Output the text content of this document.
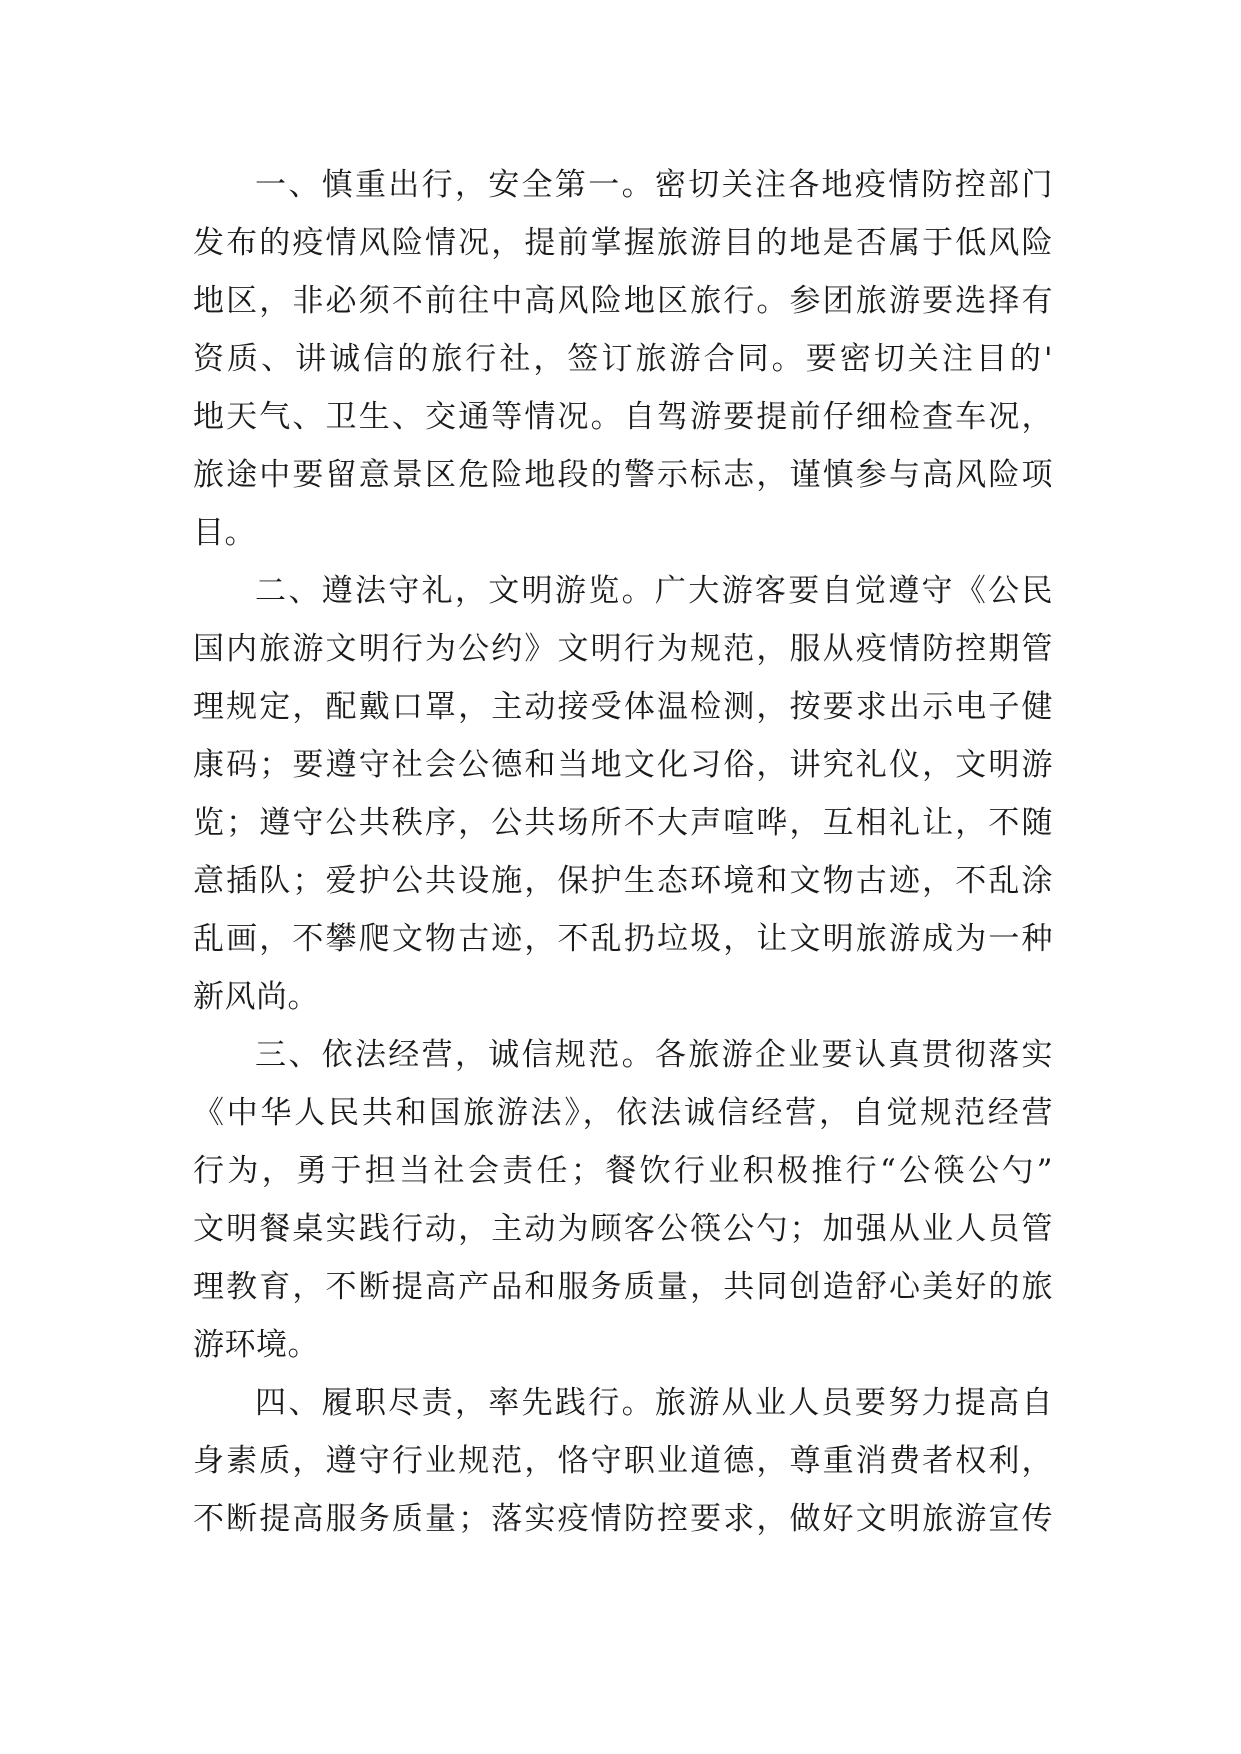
一、慎重出行，安全第一。密切关注各地疫情防控部门
发布的疫情风险情况，提前掌握旅游目的地是否属于低风险
地区，非必须不前往中高风险地区旅行。参团旅游要选择有
资质、讲诚信的旅行社，签订旅游合同。要密切关注目的'
地天气、卫生、交通等情况。自驾游要提前仔细检查车况，
旅途中要留意景区危险地段的警示标志，谨慎参与高风险项
目。
二、遵法守礼，文明游览。广大游客要自觉遵守《公民
国内旅游文明行为公约》文明行为规范，服从疫情防控期管
理规定，配戴口罩，主动接受体温检测，按要求出示电子健
康码；要遵守社会公德和当地文化习俗，讲究礼仪，文明游
览；遵守公共秩序，公共场所不大声喧哗，互相礼让，不随
意插队；爱护公共设施，保护生态环境和文物古迹，不乱涂
乱画，不攀爬文物古迹，不乱扔垃圾，让文明旅游成为一种
新风尚。
三、依法经营，诚信规范。各旅游企业要认真贯彻落实
《中华人民共和国旅游法》，依法诚信经营，自觉规范经营
行为，勇于担当社会责任；餐饮行业积极推行“公筷公勺”
文明餐桌实践行动，主动为顾客公筷公勺；加强从业人员管
理教育，不断提高产品和服务质量，共同创造舒心美好的旅
游环境。
四、履职尽责，率先践行。旅游从业人员要努力提高自
身素质，遵守行业规范，恪守职业道德，尊重消费者权利，
不断提高服务质量；落实疫情防控要求，做好文明旅游宣传
